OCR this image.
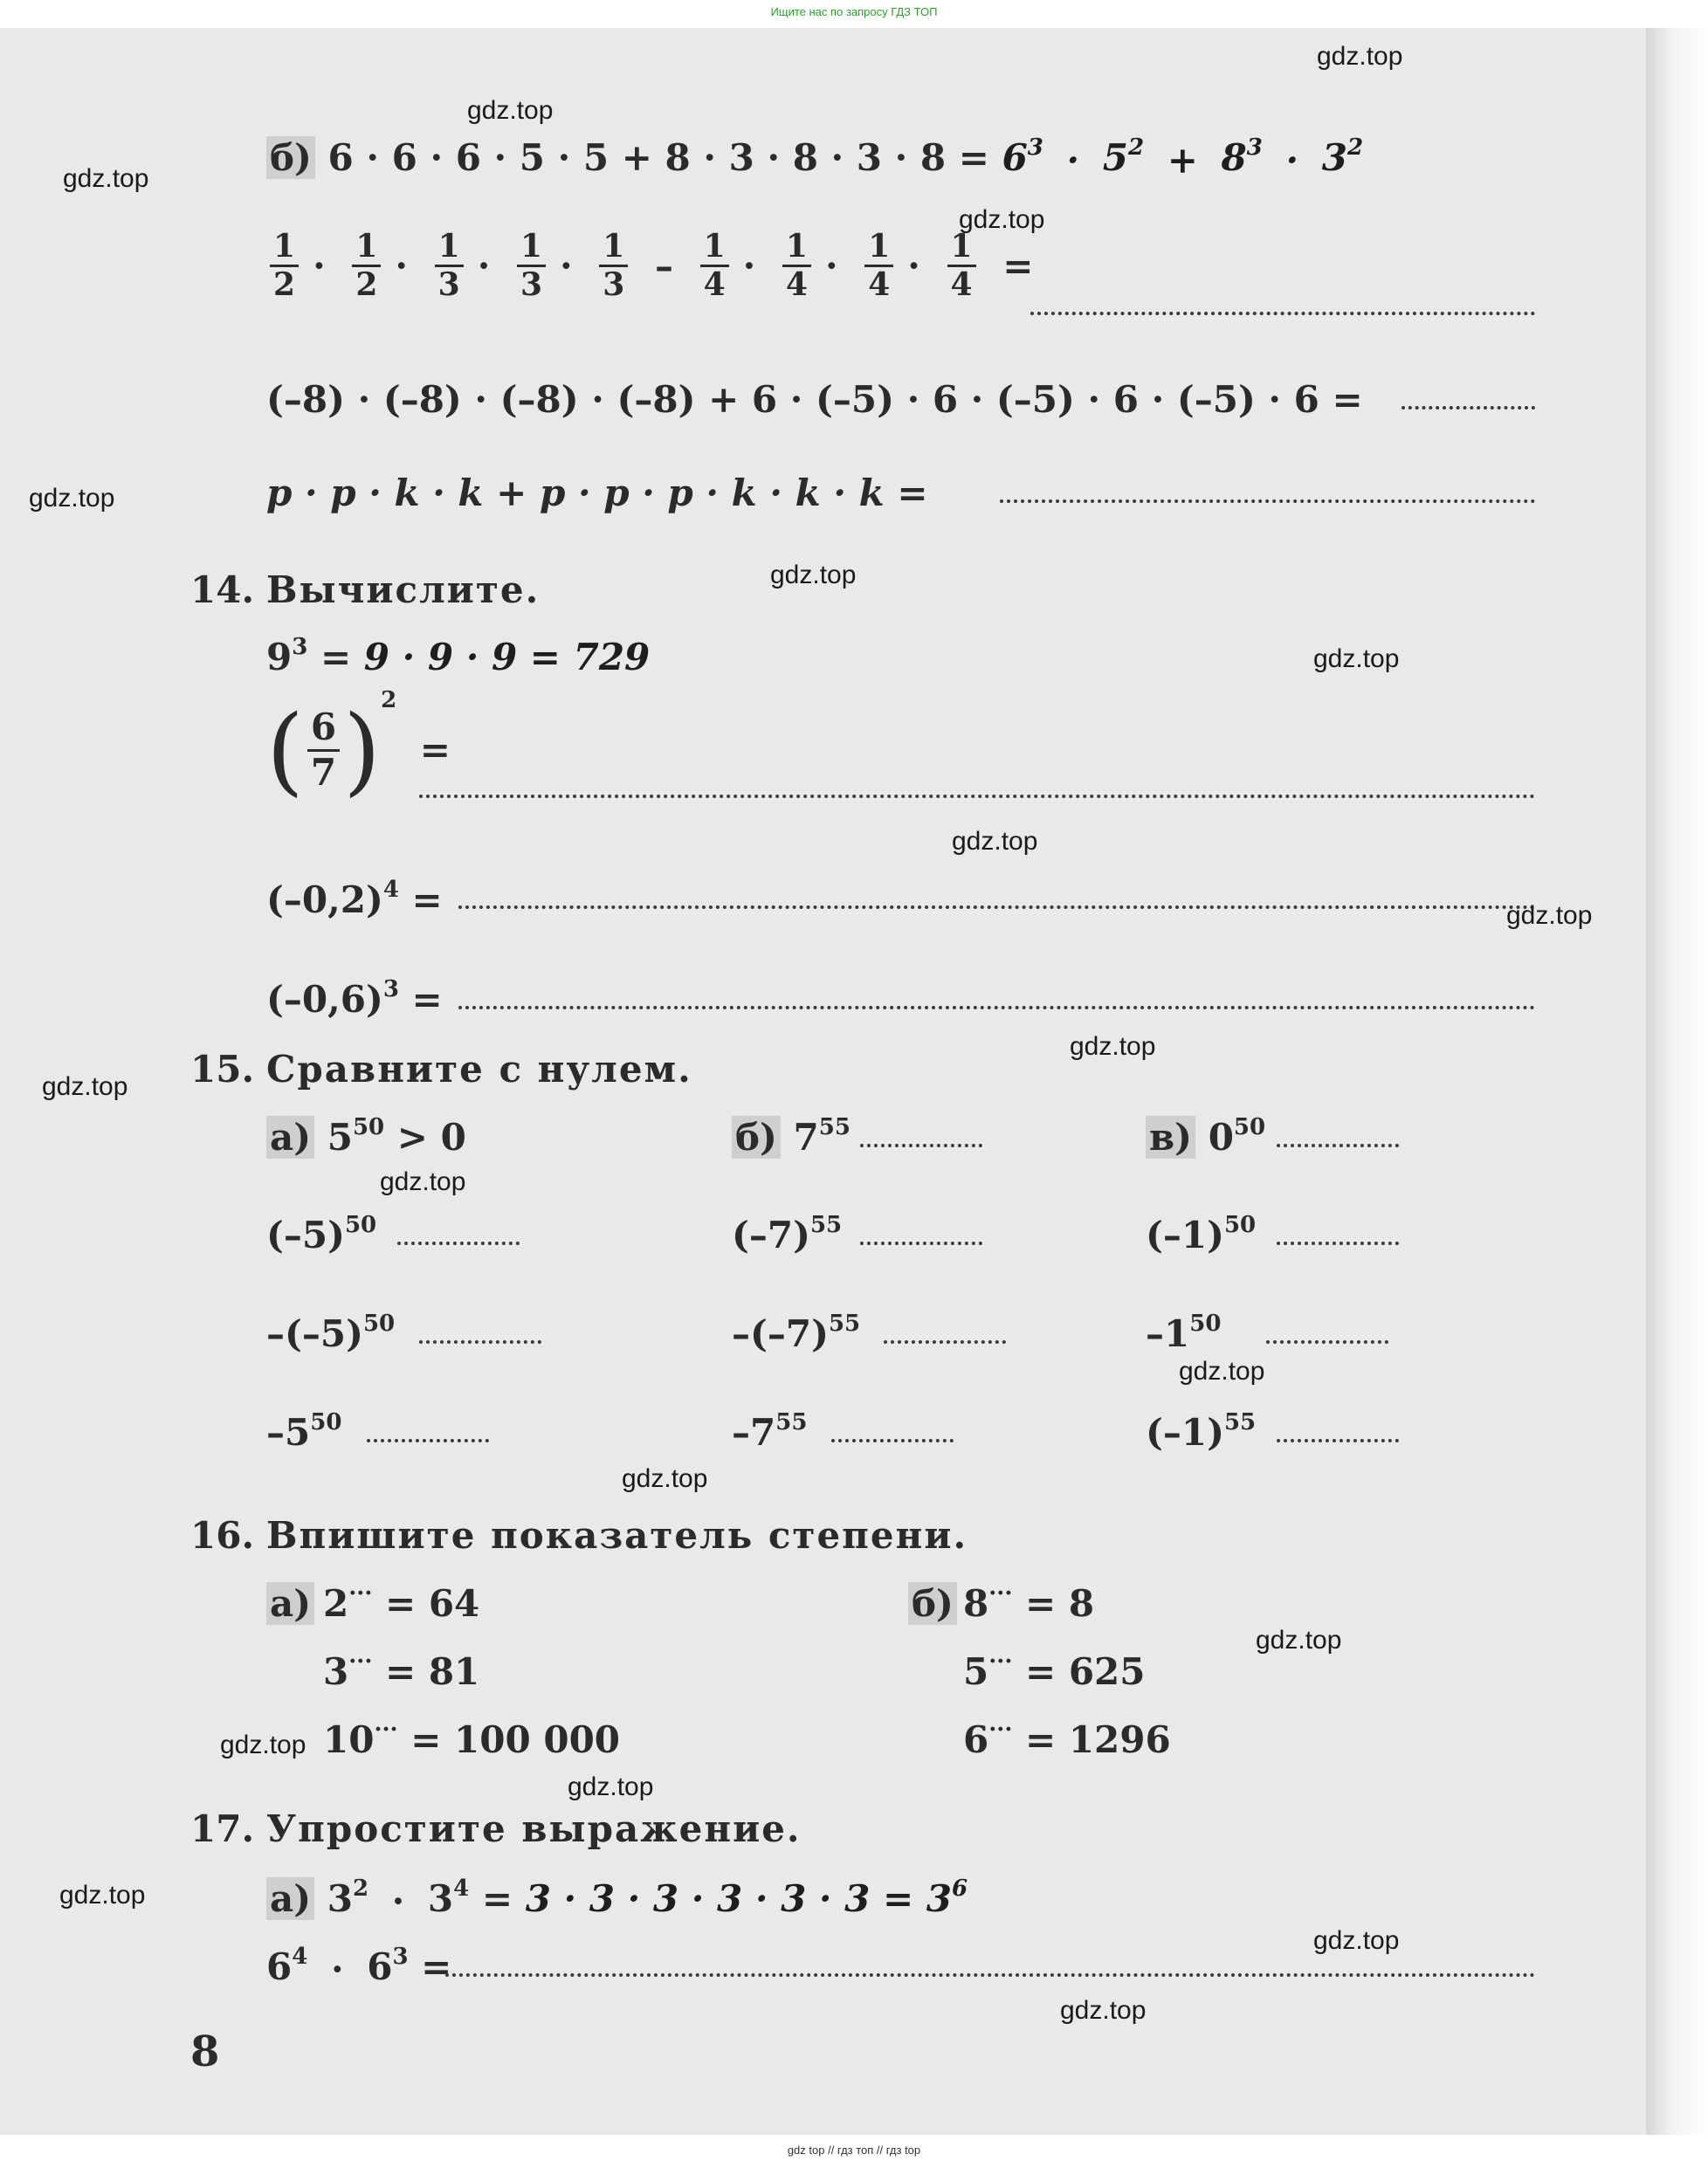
Ищите нас по запросу ГДЗ ТОП
б) $6 \cdot 6 \cdot 6 \cdot 5 \cdot 5 + 8 \cdot 3 \cdot 8 \cdot 3 \cdot 8 = 6^3 \cdot 5^2 + 8^3 \cdot 3^2$
$\frac{1}{2} \cdot \frac{1}{2} \cdot \frac{1}{3} \cdot \frac{1}{3} \cdot \frac{1}{3} - \frac{1}{4} \cdot \frac{1}{4} \cdot \frac{1}{4} \cdot \frac{1}{4}$ =
(–8) · (–8) · (–8) · (–8) + 6 · (–5) · 6 · (–5) · 6 · (–5) · 6 =
p · p · k · k + p · p · p · k · k · k =
14. Вычислите.
$9^3 = 9 \cdot 9 \cdot 9 = 729$
( $\frac{6}{7} )^2$ =
$(-0,2)^4$ =
$(-0,6)^3$ =
15. Сравните с нулем.
а) $5^{50} > 0$	б) $7^{55}$	в) $0^{50}$
$(-5)^{50}$	$(-7)^{55}$	$(-1)^{50}$
$-(-5)^{50}$	$-(-7)^{55}$	$-1^{50}$
$-5^{50}$	$-7^{55}$	$(-1)^{55}$
16. Впишите показатель степени.
а) 2··· = 64
3··· = 81
10··· = 100 000
б) 8··· = 8
5··· = 625
6··· = 1296
17. Упростите выражение.
а) $3^2 \cdot 3^4 = 3 \cdot 3 \cdot 3 \cdot 3 \cdot 3 \cdot 3 = 3^6$
$6^4 \cdot 6^3$ =
8
gdz.top
gdz.top
gdz.top
gdz.top
gdz.top
gdz.top
gdz.top
gdz.top
gdz.top
gdz.top
gdz.top
gdz.top
gdz.top
gdz.top
gdz.top
gdz.top
gdz.top
gdz.top
gdz.top
gdz.top
gdz top // гдз топ // гдз top
